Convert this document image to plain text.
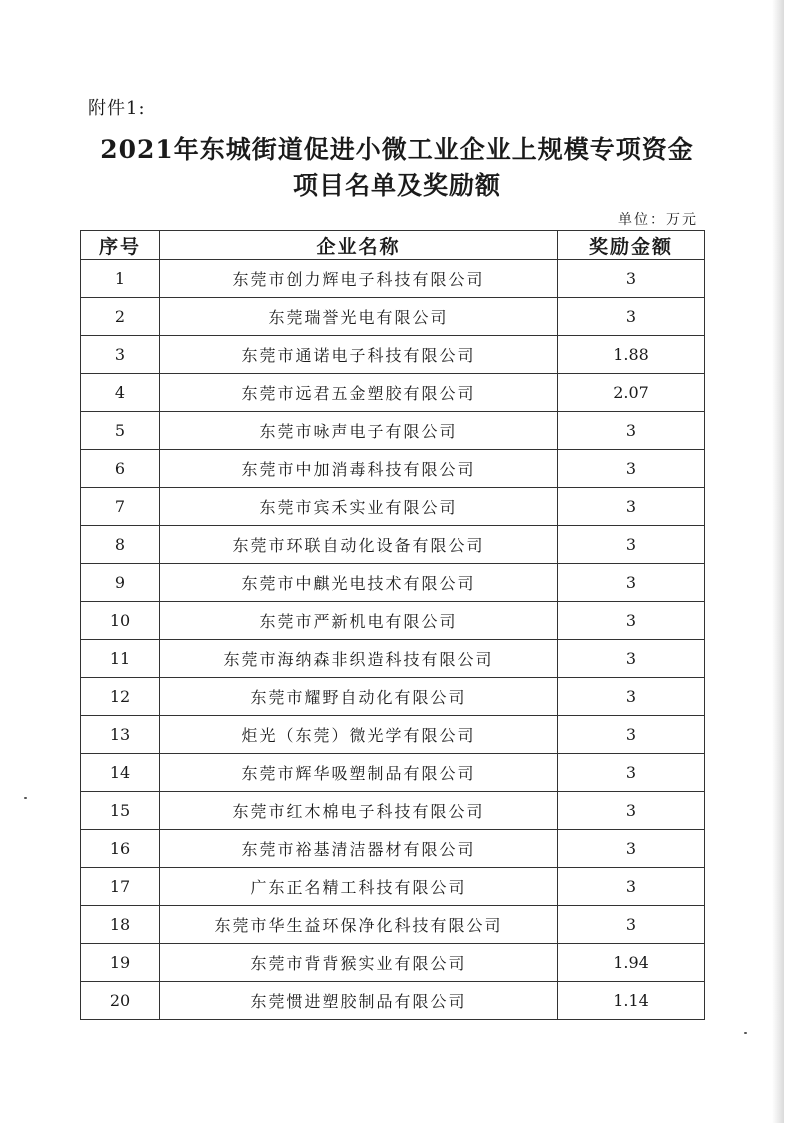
附件1:
2021年东城街道促进小微工业企业上规模专项资金
项目名单及奖励额
单位：万元
序号	企业名称	奖励金额
1	东莞市创力辉电子科技有限公司	3
2	东莞瑞誉光电有限公司	3
3	东莞市通诺电子科技有限公司	1.88
4	东莞市远君五金塑胶有限公司	2.07
5	东莞市咏声电子有限公司	3
6	东莞市中加消毒科技有限公司	3
7	东莞市宾禾实业有限公司	3
8	东莞市环联自动化设备有限公司	3
9	东莞市中麒光电技术有限公司	3
10	东莞市严新机电有限公司	3
11	东莞市海纳森非织造科技有限公司	3
12	东莞市耀野自动化有限公司	3
13	炬光（东莞）微光学有限公司	3
14	东莞市辉华吸塑制品有限公司	3
15	东莞市红木棉电子科技有限公司	3
16	东莞市裕基清洁器材有限公司	3
17	广东正名精工科技有限公司	3
18	东莞市华生益环保净化科技有限公司	3
19	东莞市背背猴实业有限公司	1.94
20	东莞惯进塑胶制品有限公司	1.14
